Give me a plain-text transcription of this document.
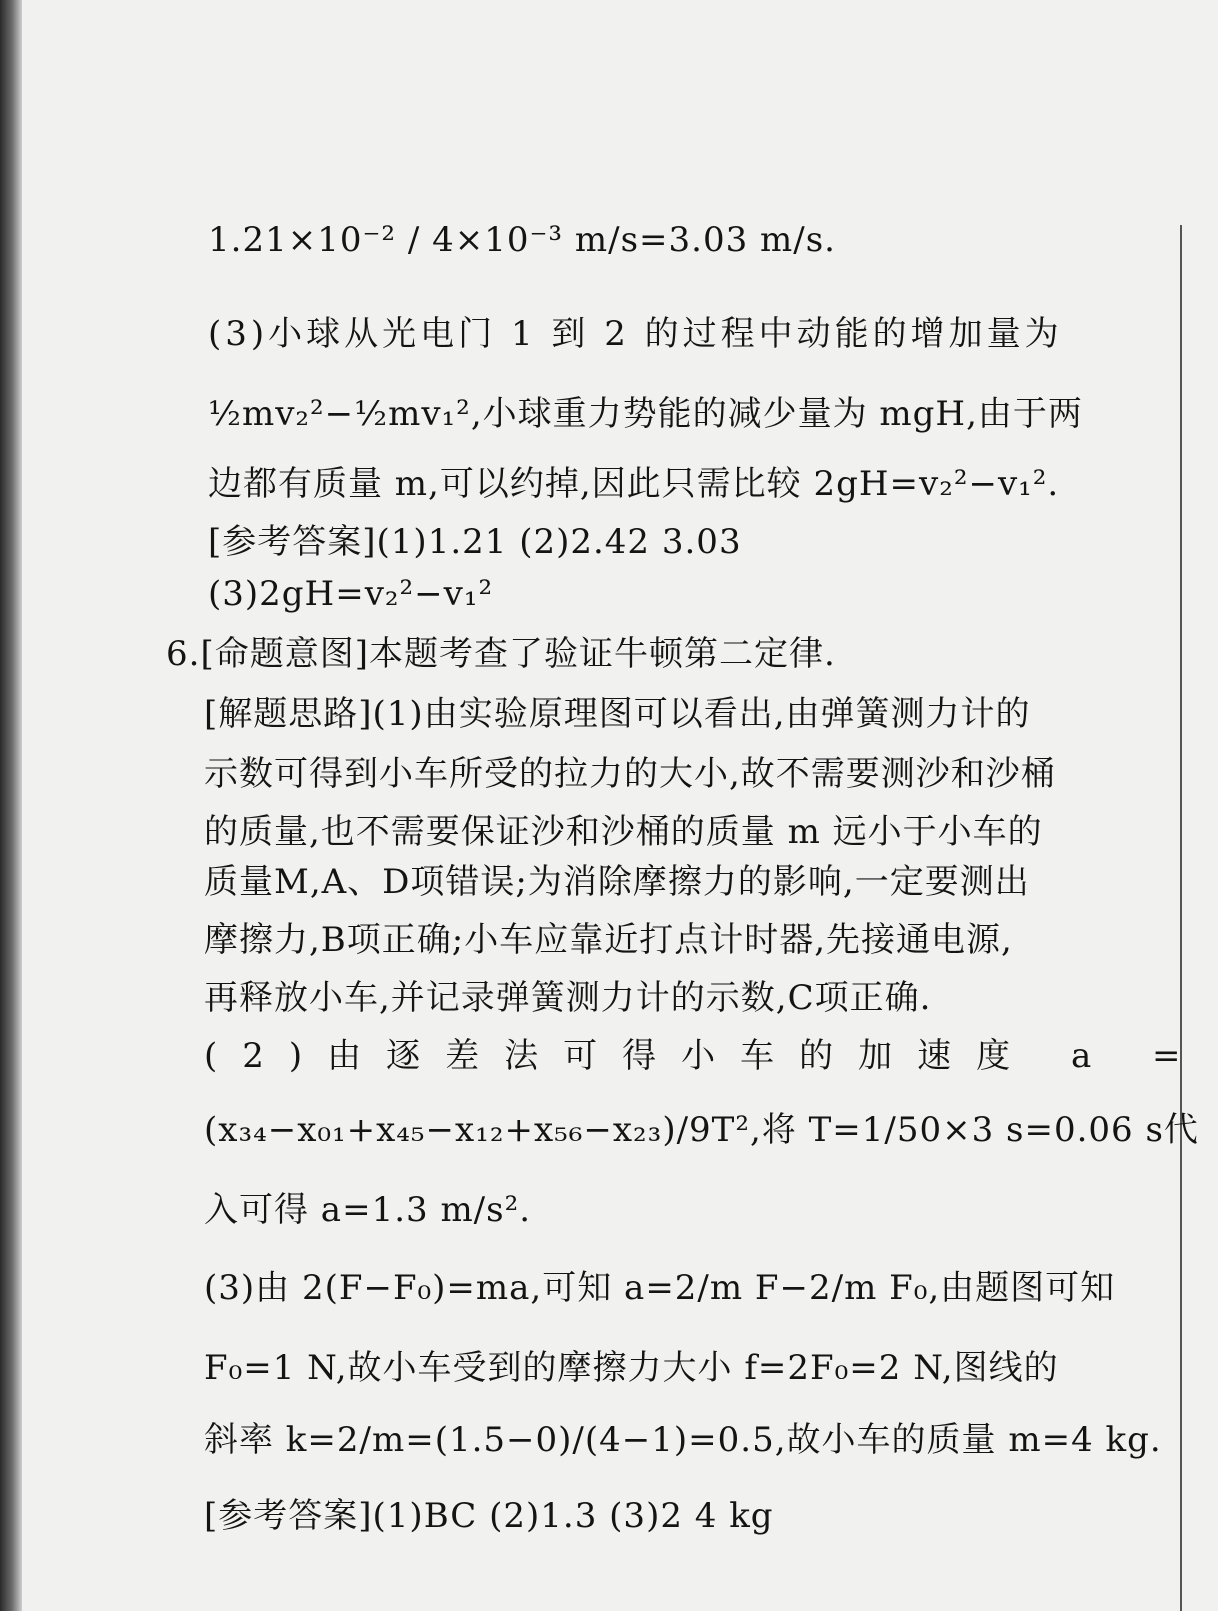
1.21×10⁻² / 4×10⁻³ m/s=3.03 m/s.
(3)小球从光电门 1 到 2 的过程中动能的增加量为
½mv₂²−½mv₁²,小球重力势能的减少量为 mgH,由于两
边都有质量 m,可以约掉,因此只需比较 2gH=v₂²−v₁².
[参考答案](1)1.21 (2)2.42 3.03
(3)2gH=v₂²−v₁²
6.[命题意图]本题考查了验证牛顿第二定律.
[解题思路](1)由实验原理图可以看出,由弹簧测力计的
示数可得到小车所受的拉力的大小,故不需要测沙和沙桶
的质量,也不需要保证沙和沙桶的质量 m 远小于小车的
质量M,A、D项错误;为消除摩擦力的影响,一定要测出
摩擦力,B项正确;小车应靠近打点计时器,先接通电源,
再释放小车,并记录弹簧测力计的示数,C项正确.
(2)由逐差法可得小车的加速度 a =
(x₃₄−x₀₁+x₄₅−x₁₂+x₅₆−x₂₃)/9T²,将 T=1/50×3 s=0.06 s代
入可得 a=1.3 m/s².
(3)由 2(F−F₀)=ma,可知 a=2/m F−2/m F₀,由题图可知
F₀=1 N,故小车受到的摩擦力大小 f=2F₀=2 N,图线的
斜率 k=2/m=(1.5−0)/(4−1)=0.5,故小车的质量 m=4 kg.
[参考答案](1)BC (2)1.3 (3)2 4 kg
